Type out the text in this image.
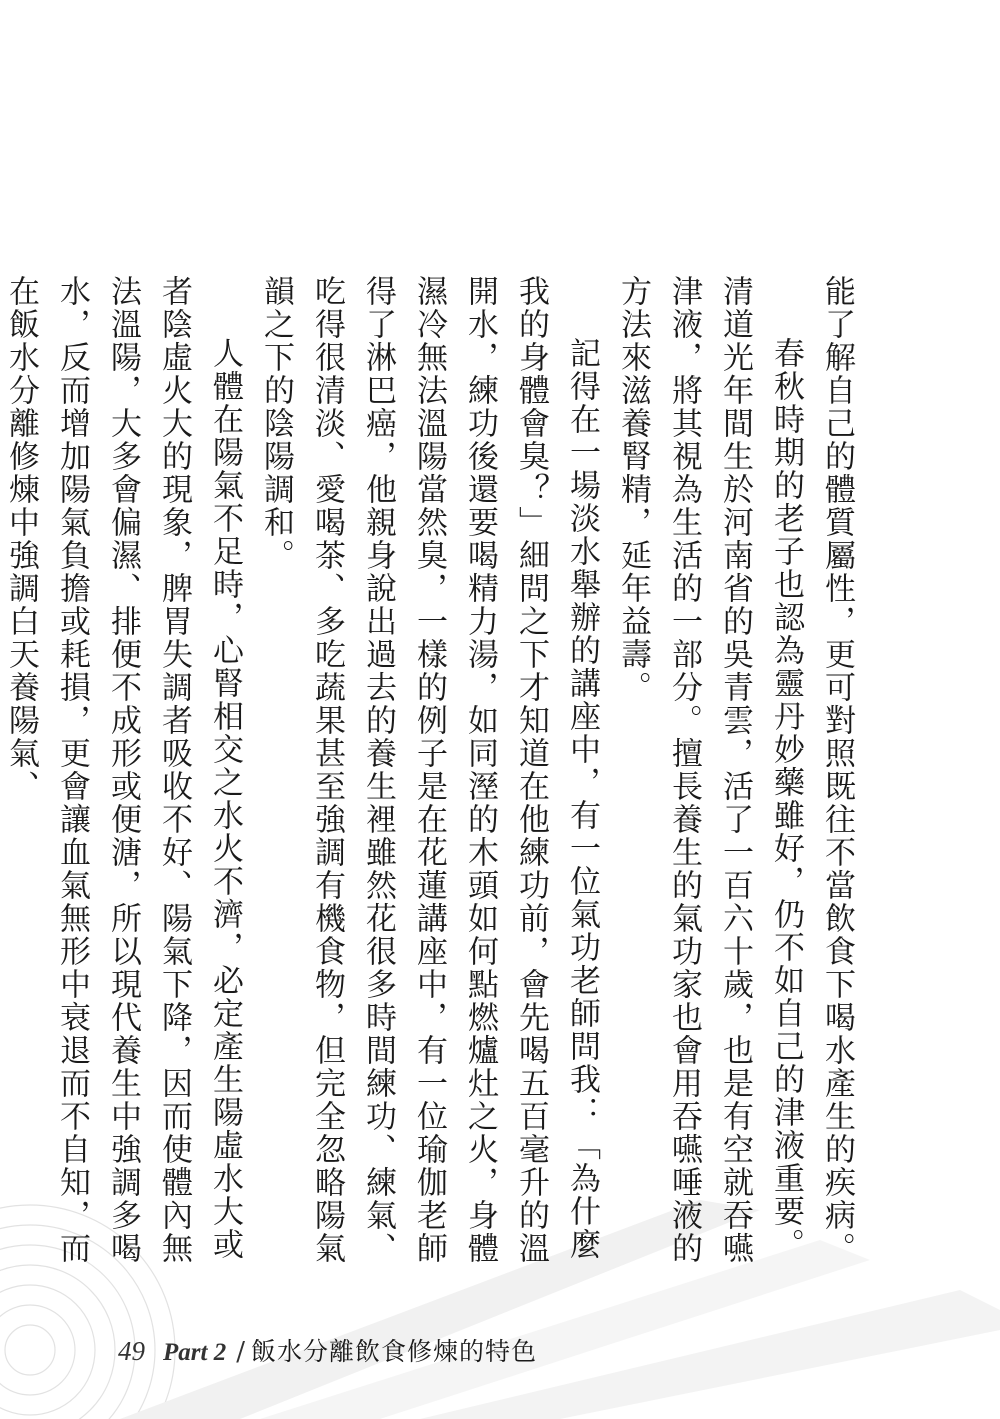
能了解自己的體質屬性，更可對照既往不當飲食下喝水產生的疾病。

春秋時期的老子也認為靈丹妙藥雖好，仍不如自己的津液重要。清道光年間生於河南省的吳青雲，活了一百六十歲，也是有空就吞嚥津液，將其視為生活的一部分。擅長養生的氣功家也會用吞嚥唾液的方法來滋養腎精，延年益壽。

記得在一場淡水舉辦的講座中，有一位氣功老師問我：「為什麼我的身體會臭？」細問之下才知道在他練功前，會先喝五百毫升的溫開水，練功後還要喝精力湯，如同溼的木頭如何點燃爐灶之火，身體濕冷無法溫陽當然臭，一樣的例子是在花蓮講座中，有一位瑜伽老師得了淋巴癌，他親身說出過去的養生裡雖然花很多時間練功、練氣、吃得很清淡、愛喝茶、多吃蔬果甚至強調有機食物，但完全忽略陽氣韻之下的陰陽調和。

人體在陽氣不足時，心腎相交之水火不濟，必定產生陽虛水大或者陰虛火大的現象，脾胃失調者吸收不好、陽氣下降，因而使體內無法溫陽，大多會偏濕、排便不成形或便溏，所以現代養生中強調多喝水，反而增加陽氣負擔或耗損，更會讓血氣無形中衰退而不自知，而在飯水分離修煉中強調白天養陽氣、

49 Part 2 / 飯水分離飲食修煉的特色
